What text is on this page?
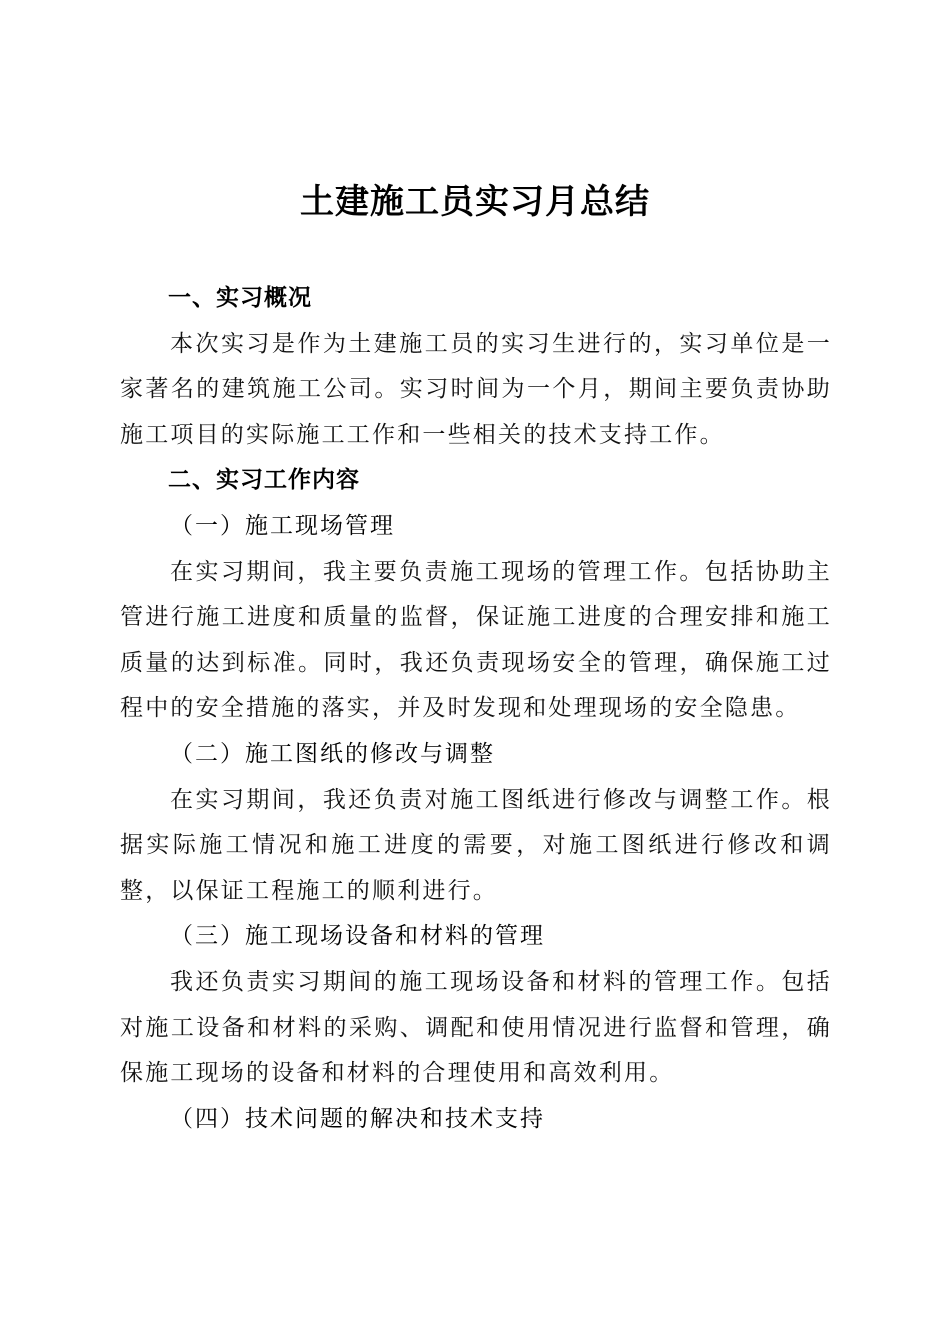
土建施工员实习月总结
一、实习概况
本次实习是作为土建施工员的实习生进行的，实习单位是一家著名的建筑施工公司。实习时间为一个月，期间主要负责协助施工项目的实际施工工作和一些相关的技术支持工作。
二、实习工作内容
（一）施工现场管理
在实习期间，我主要负责施工现场的管理工作。包括协助主管进行施工进度和质量的监督，保证施工进度的合理安排和施工质量的达到标准。同时，我还负责现场安全的管理，确保施工过程中的安全措施的落实，并及时发现和处理现场的安全隐患。
（二）施工图纸的修改与调整
在实习期间，我还负责对施工图纸进行修改与调整工作。根据实际施工情况和施工进度的需要，对施工图纸进行修改和调整，以保证工程施工的顺利进行。
（三）施工现场设备和材料的管理
我还负责实习期间的施工现场设备和材料的管理工作。包括对施工设备和材料的采购、调配和使用情况进行监督和管理，确保施工现场的设备和材料的合理使用和高效利用。
（四）技术问题的解决和技术支持
